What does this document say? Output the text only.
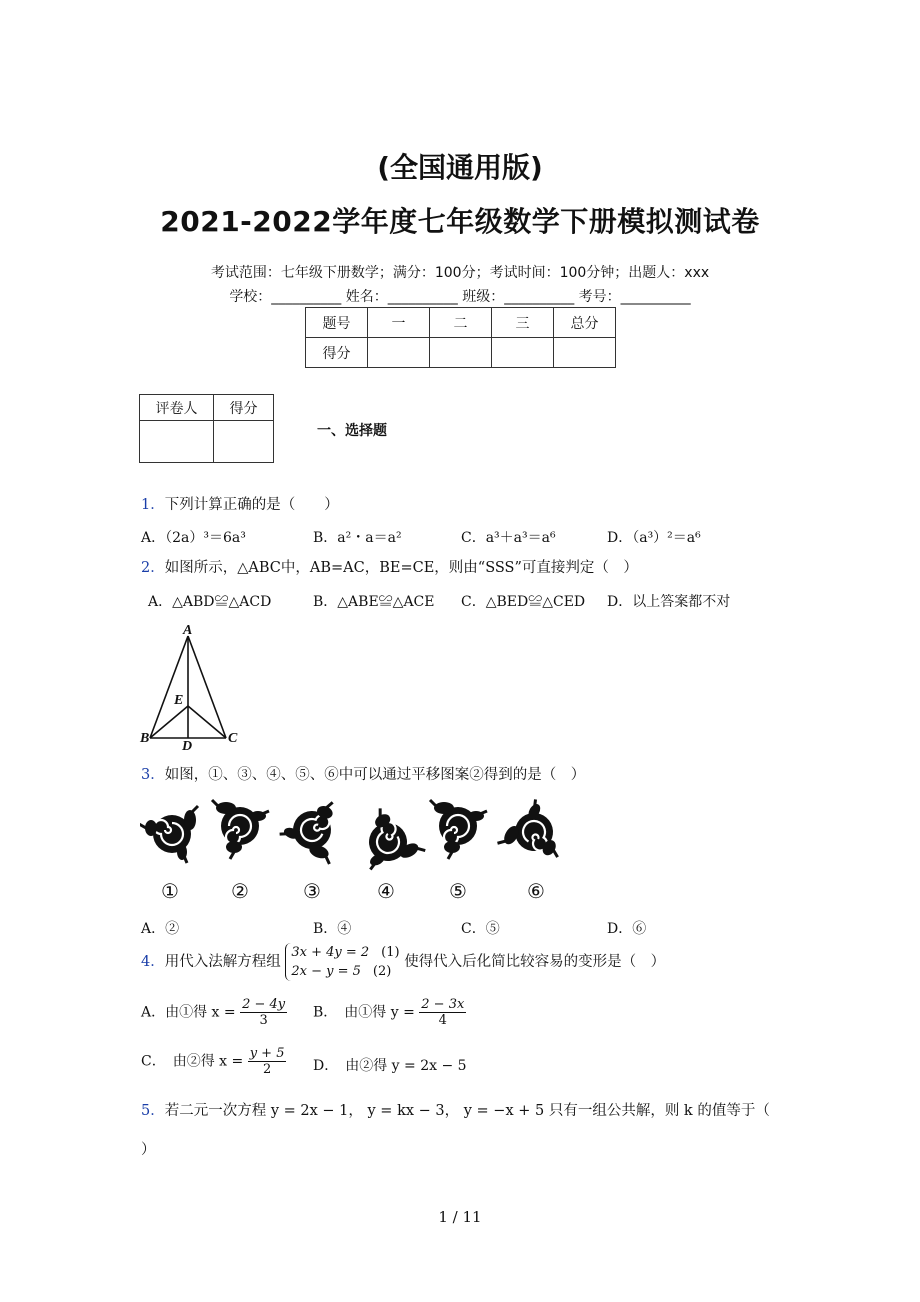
(全国通用版)
2021-2022学年度七年级数学下册模拟测试卷
考试范围：七年级下册数学；满分：100分；考试时间：100分钟；出题人：xxx
学校：__________ 姓名：__________ 班级：__________ 考号：__________
题号	一	二	三	总分
得分				
评卷人	得分

一、选择题
1．下列计算正确的是（　　）
A．（2a）³＝6a³	B．a²・a＝a²	C．a³＋a³＝a⁶	D．（a³）²＝a⁶
2．如图所示，△ABC中，AB=AC，BE=CE，则由“SSS”可直接判定（　）
A．△ABD≌△ACD	B．△ABE≌△ACE C．△BED≌△CED D．以上答案都不对
A
E
B
D
C
3．如图，①、③、④、⑤、⑥中可以通过平移图案②得到的是（　）
①	②	③	④	⑤	⑥
A．②	B．④	C．⑤	D．⑥
4．用代入法解方程组
3x + 4y = 2 (1)
2x − y = 5 (2)
使得代入后化简比较容易的变形是（　）
A．由①得 $x = \frac{2 - 4y}{3}$ B．　由①得 $y = \frac{2 - 3x}{4}$
C．　由②得 $x = \frac{y + 5}{2}$ D．　由②得 y = 2x − 5
5．若二元一次方程 y = 2x − 1， y = kx − 3， y = −x + 5 只有一组公共解，则 k 的值等于（
）
1 / 11
